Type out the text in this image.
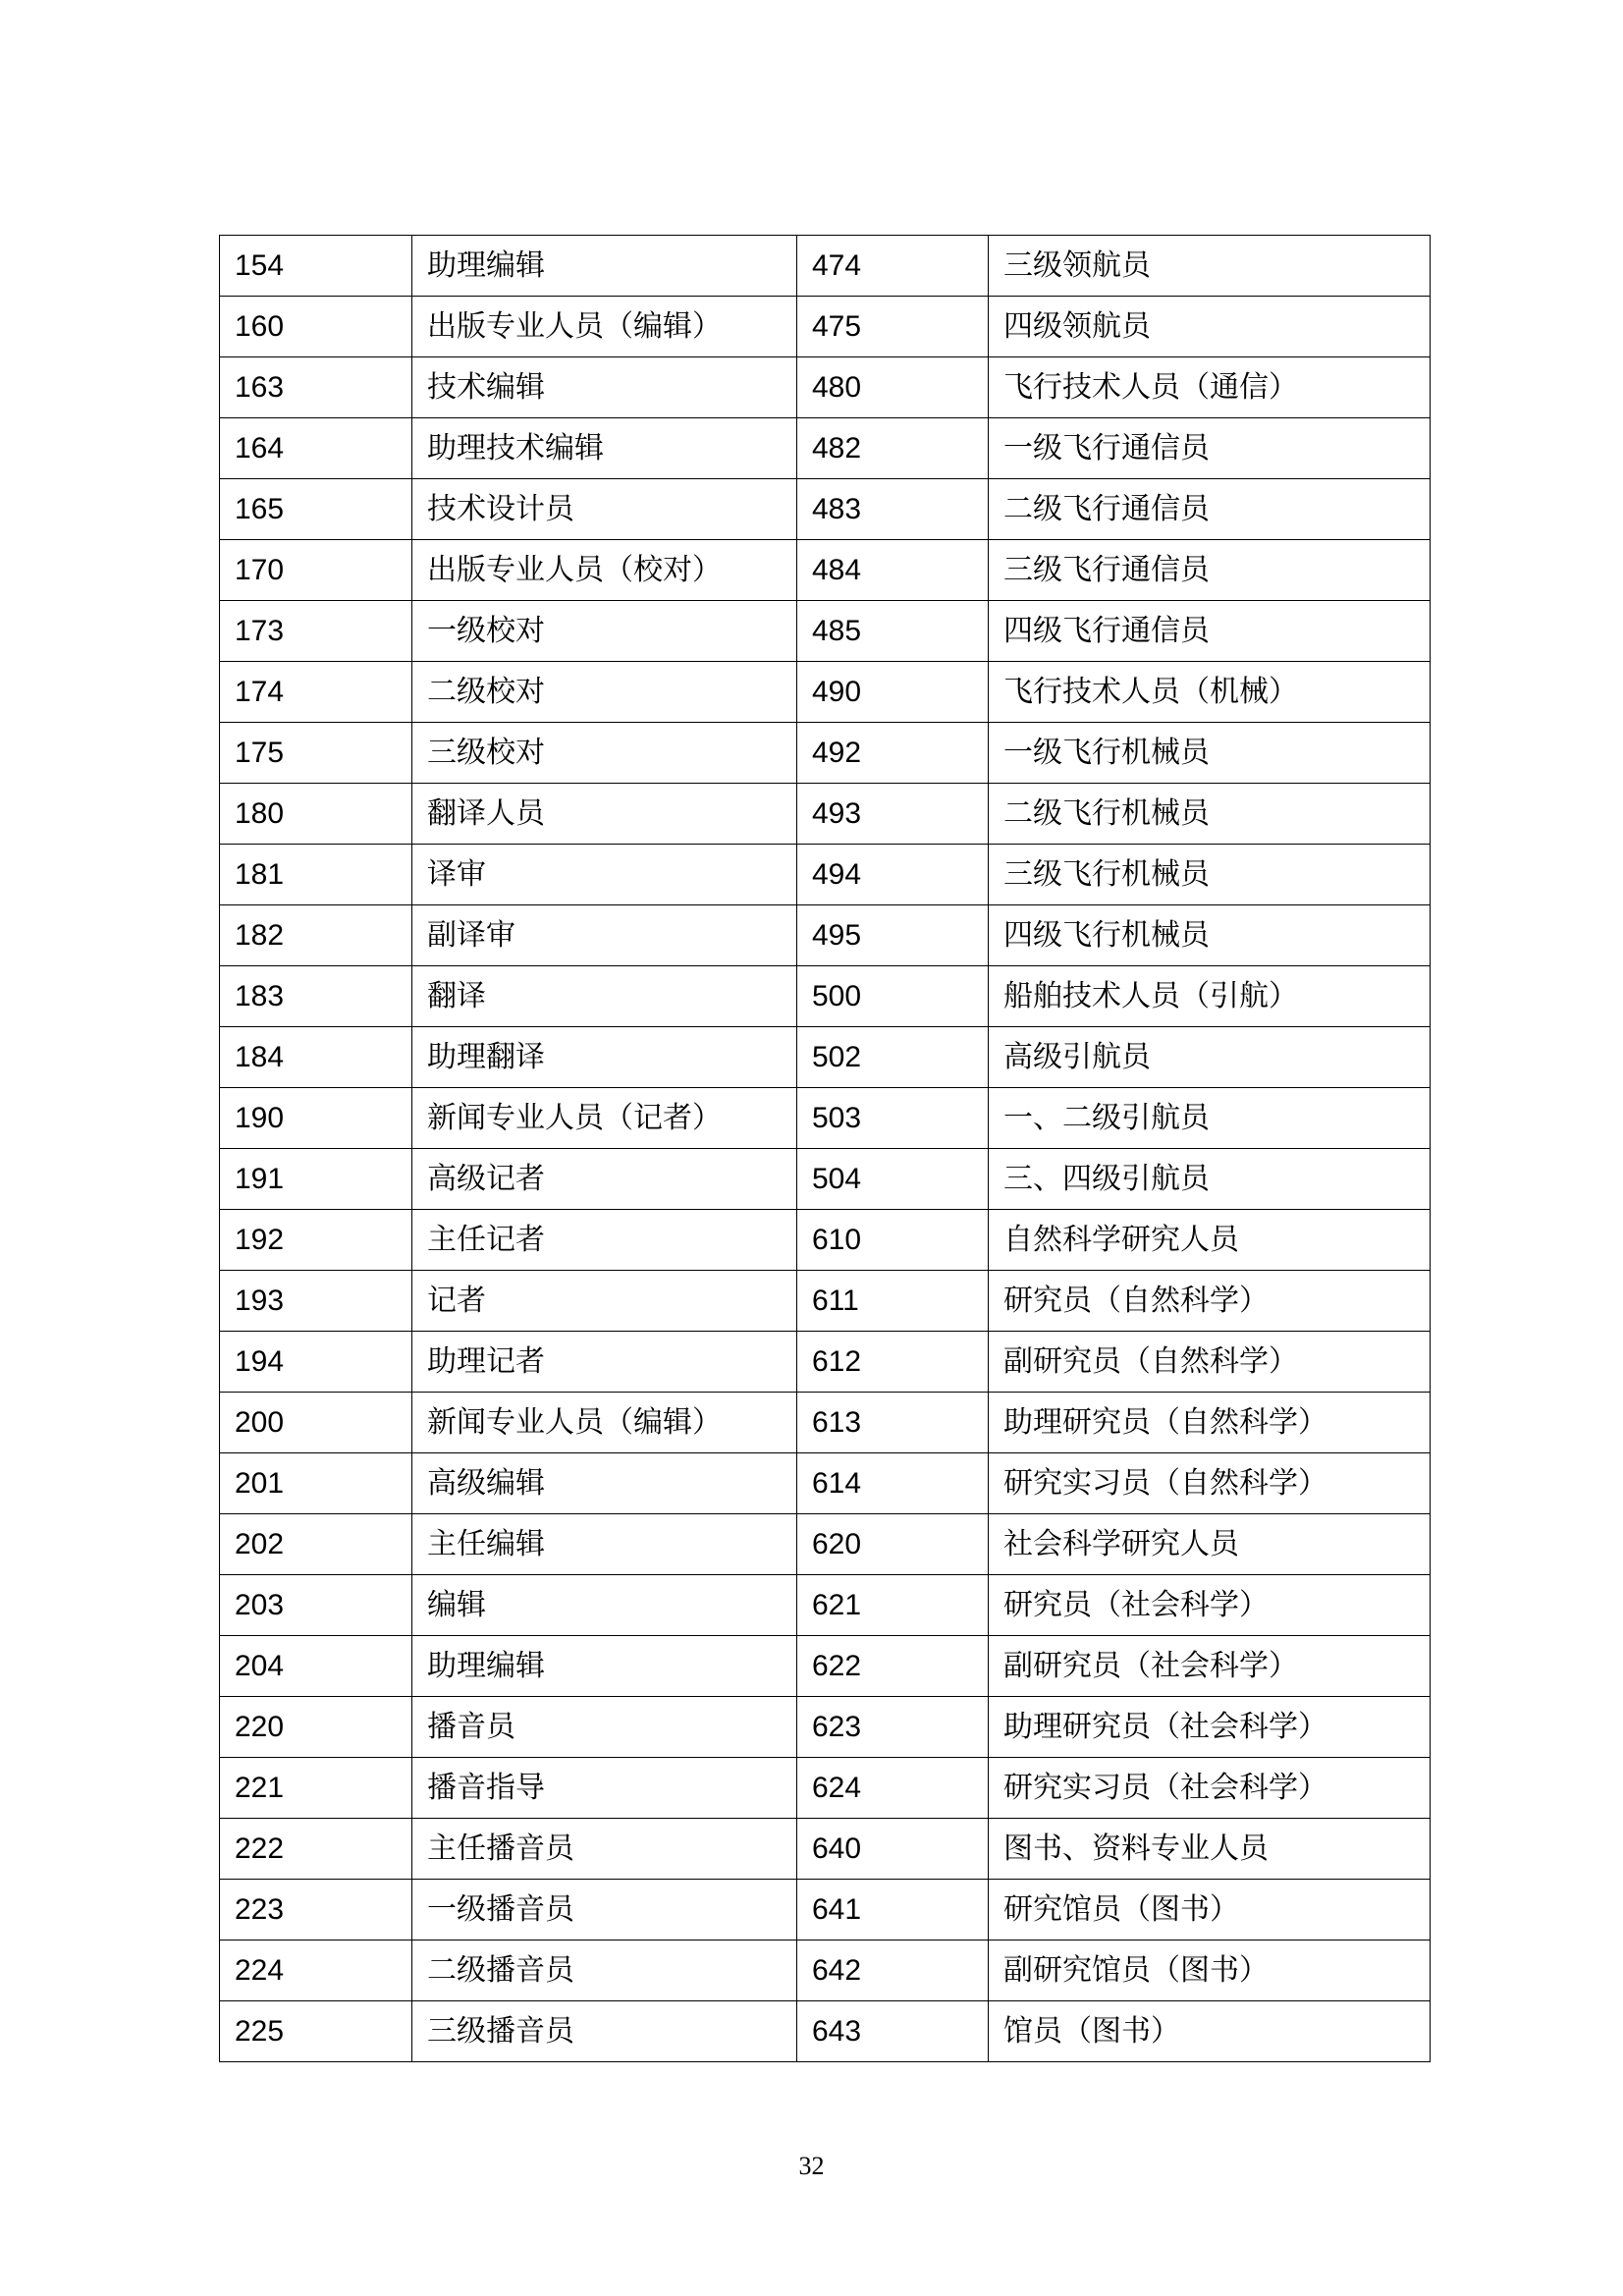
154	助理编辑	474	三级领航员
160	出版专业人员（编辑）	475	四级领航员
163	技术编辑	480	飞行技术人员（通信）
164	助理技术编辑	482	一级飞行通信员
165	技术设计员	483	二级飞行通信员
170	出版专业人员（校对）	484	三级飞行通信员
173	一级校对	485	四级飞行通信员
174	二级校对	490	飞行技术人员（机械）
175	三级校对	492	一级飞行机械员
180	翻译人员	493	二级飞行机械员
181	译审	494	三级飞行机械员
182	副译审	495	四级飞行机械员
183	翻译	500	船舶技术人员（引航）
184	助理翻译	502	高级引航员
190	新闻专业人员（记者）	503	一、二级引航员
191	高级记者	504	三、四级引航员
192	主任记者	610	自然科学研究人员
193	记者	611	研究员（自然科学）
194	助理记者	612	副研究员（自然科学）
200	新闻专业人员（编辑）	613	助理研究员（自然科学）
201	高级编辑	614	研究实习员（自然科学）
202	主任编辑	620	社会科学研究人员
203	编辑	621	研究员（社会科学）
204	助理编辑	622	副研究员（社会科学）
220	播音员	623	助理研究员（社会科学）
221	播音指导	624	研究实习员（社会科学）
222	主任播音员	640	图书、资料专业人员
223	一级播音员	641	研究馆员（图书）
224	二级播音员	642	副研究馆员（图书）
225	三级播音员	643	馆员（图书）
32
